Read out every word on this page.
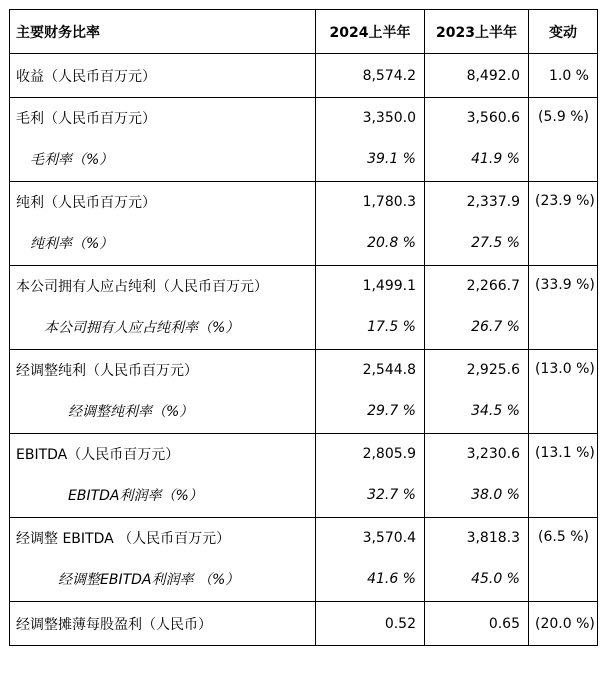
主要财务比率	2024上半年	2023上半年	变动
收益（人民币百万元）	8,574.2	8,492.0	1.0 %
毛利（人民币百万元）	3,350.0	3,560.6	(5.9 %)
毛利率（%）	39.1 %	41.9 %	
纯利（人民币百万元）	1,780.3	2,337.9	(23.9 %)
纯利率（%）	20.8 %	27.5 %	
本公司拥有人应占纯利（人民币百万元）	1,499.1	2,266.7	(33.9 %)
本公司拥有人应占纯利率（%）	17.5 %	26.7 %	
经调整纯利（人民币百万元）	2,544.8	2,925.6	(13.0 %)
经调整纯利率（%）	29.7 %	34.5 %	
EBITDA（人民币百万元）	2,805.9	3,230.6	(13.1 %)
EBITDA利润率（%）	32.7 %	38.0 %	
经调整 EBITDA （人民币百万元）	3,570.4	3,818.3	(6.5 %)
经调整EBITDA利润率 （%）	41.6 %	45.0 %	
经调整摊薄每股盈利（人民币）	0.52	0.65	(20.0 %)
